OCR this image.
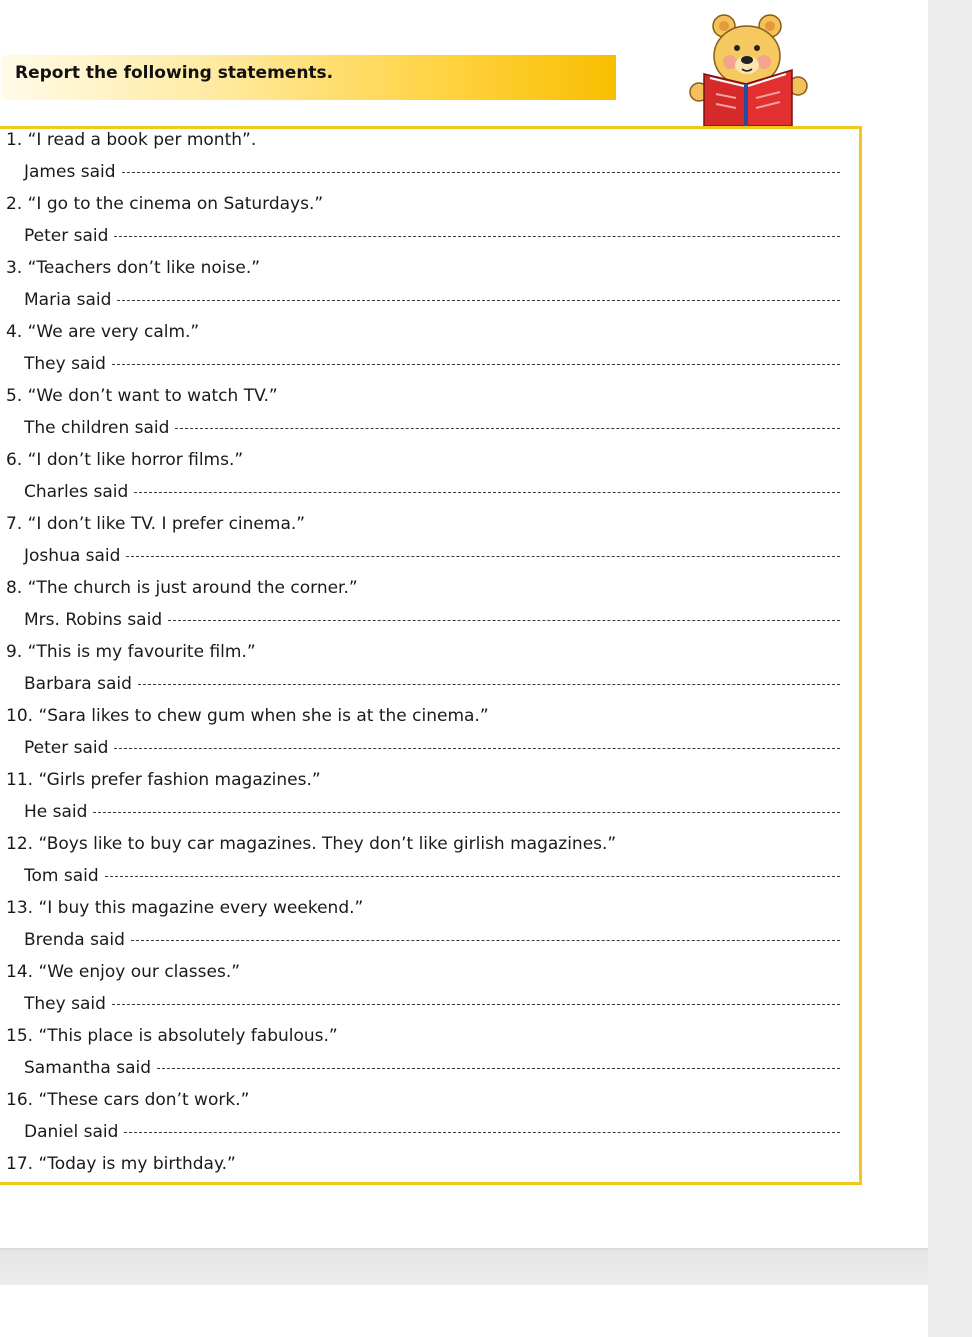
Report the following statements.
1. “I read a book per month”.
James said
2. “I go to the cinema on Saturdays.”
Peter said
3. “Teachers don’t like noise.”
Maria said
4. “We are very calm.”
They said
5. “We don’t want to watch TV.”
The children said
6. “I don’t like horror films.”
Charles said
7. “I don’t like TV. I prefer cinema.”
Joshua said
8. “The church is just around the corner.”
Mrs. Robins said
9. “This is my favourite film.”
Barbara said
10. “Sara likes to chew gum when she is at the cinema.”
Peter said
11. “Girls prefer fashion magazines.”
He said
12. “Boys like to buy car magazines. They don’t like girlish magazines.”
Tom said
13. “I buy this magazine every weekend.”
Brenda said
14. “We enjoy our classes.”
They said
15. “This place is absolutely fabulous.”
Samantha said
16. “These cars don’t work.”
Daniel said
17. “Today is my birthday.”
